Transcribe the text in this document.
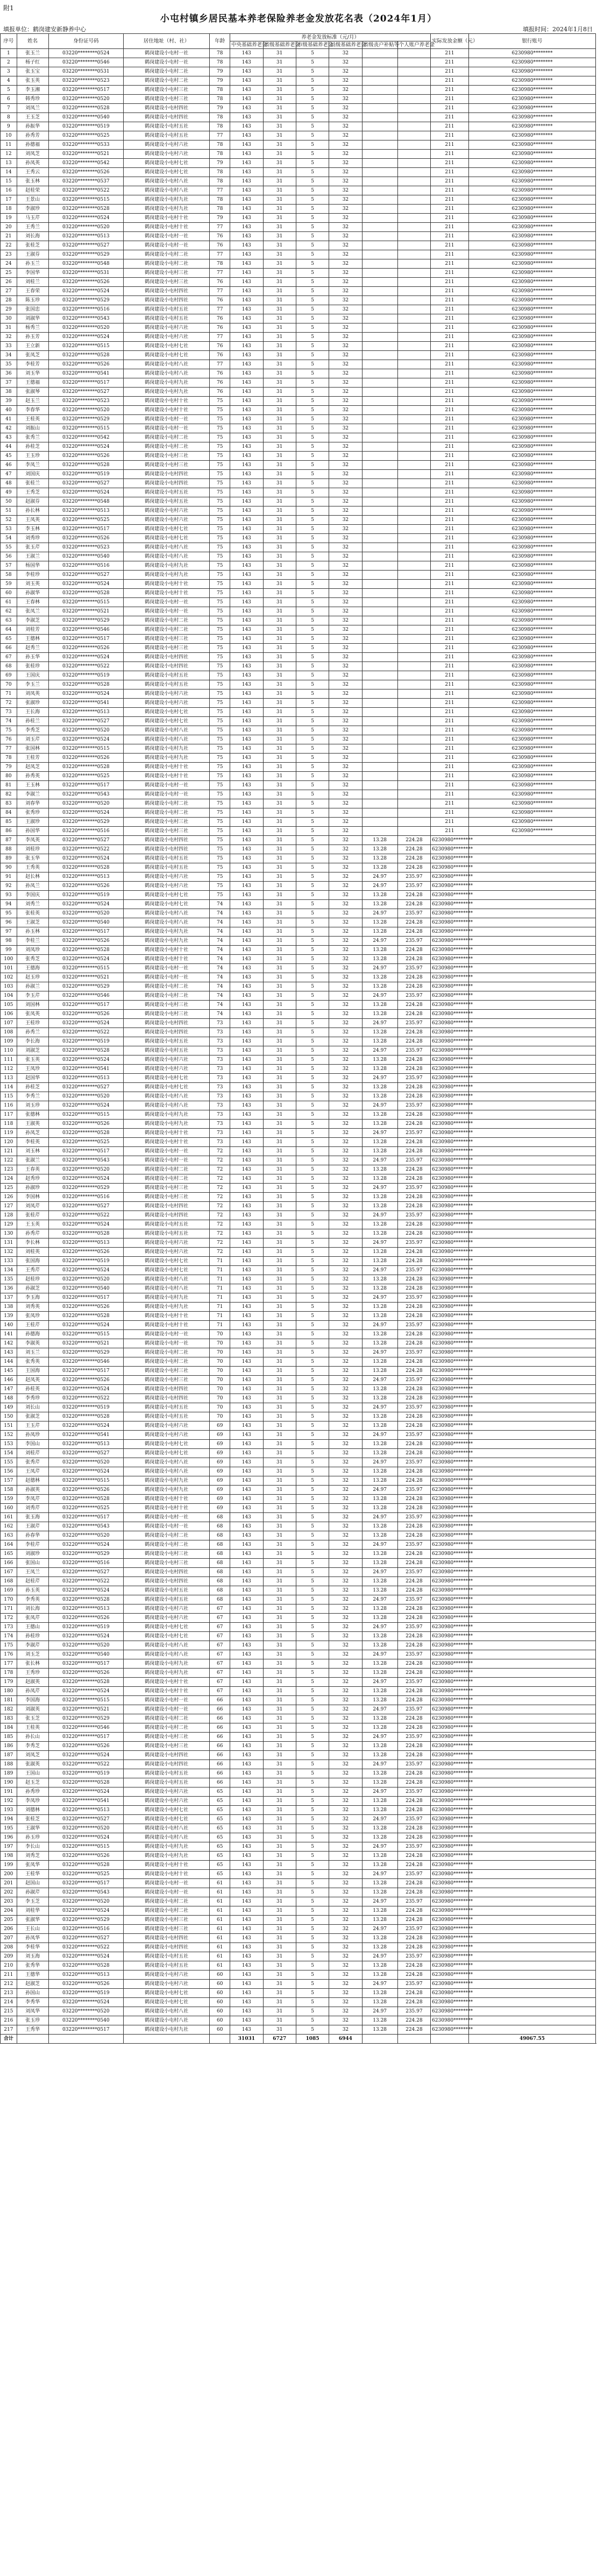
附1
小屯村镇乡居民基本养老保险养老金发放花名表（2024年1月）
填报单位：鹤岗建安新静养中心	填报时间：2024年1月8日
序号	姓名	身份证号码	居住地址（村、社）	年龄	养老金发放标准（元/月）						实际发放金额（元）	银行账号	
					中央基础养老金	省级基础养老金	市级基础养老金	县级基础养老金	省级丧户补贴等	个人账户养老金			
1	张玉兰	03220********0524	鹤岗建设小屯村一社	78	143	31	5	32			211	6230980********	
2	杨子红	03220********0546	鹤岗建设小屯村一社	78	143	31	5	32			211	6230980********	
3	张玉宝	03220********0531	鹤岗建设小屯村二社	79	143	31	5	32			211	6230980********	
4	张玉英	03220********0523	鹤岗建设小屯村二社	79	143	31	5	32			211	6230980********	
5	李玉湘	03220********0517	鹤岗建设小屯村三社	78	143	31	5	32			211	6230980********	
6	韩秀珍	03220********0520	鹤岗建设小屯村三社	78	143	31	5	32			211	6230980********	
7	刘凤兰	03220********0528	鹤岗建设小屯村四社	79	143	31	5	32			211	6230980********	
8	王玉芝	03220********0540	鹤岗建设小屯村四社	78	143	31	5	32			211	6230980********	
9	孙振华	03220********0519	鹤岗建设小屯村五社	78	143	31	5	32			211	6230980********	
10	孙秀芳	03220********0525	鹤岗建设小屯村五社	77	143	31	5	32			211	6230980********	
11	孙德福	03220********0533	鹤岗建设小屯村六社	78	143	31	5	32			211	6230980********	
12	刘凤芝	03220********0521	鹤岗建设小屯村六社	78	143	31	5	32			211	6230980********	
13	孙凤英	03220********0542	鹤岗建设小屯村七社	79	143	31	5	32			211	6230980********	
14	王秀云	03220********0526	鹤岗建设小屯村七社	78	143	31	5	32			211	6230980********	
15	张玉林	03220********0537	鹤岗建设小屯村八社	78	143	31	5	32			211	6230980********	
16	赵桂荣	03220********0522	鹤岗建设小屯村八社	77	143	31	5	32			211	6230980********	
17	王景山	03220********0515	鹤岗建设小屯村九社	78	143	31	5	32			211	6230980********	
18	李淑珍	03220********0528	鹤岗建设小屯村九社	78	143	31	5	32			211	6230980********	
19	马玉芹	03220********0524	鹤岗建设小屯村十社	79	143	31	5	32			211	6230980********	
20	王秀兰	03220********0520	鹤岗建设小屯村十社	77	143	31	5	32			211	6230980********	
21	刘长海	03220********0513	鹤岗建设小屯村一社	76	143	31	5	32			211	6230980********	
22	张桂芝	03220********0527	鹤岗建设小屯村一社	76	143	31	5	32			211	6230980********	
23	王淑芬	03220********0529	鹤岗建设小屯村二社	77	143	31	5	32			211	6230980********	
24	孙玉兰	03220********0548	鹤岗建设小屯村二社	78	143	31	5	32			211	6230980********	
25	李国华	03220********0531	鹤岗建设小屯村三社	77	143	31	5	32			211	6230980********	
26	刘桂兰	03220********0526	鹤岗建设小屯村三社	76	143	31	5	32			211	6230980********	
27	王春荣	03220********0524	鹤岗建设小屯村四社	77	143	31	5	32			211	6230980********	
28	陈玉珍	03220********0529	鹤岗建设小屯村四社	76	143	31	5	32			211	6230980********	
29	张国忠	03220********0516	鹤岗建设小屯村五社	77	143	31	5	32			211	6230980********	
30	刘淑华	03220********0543	鹤岗建设小屯村五社	76	143	31	5	32			211	6230980********	
31	杨秀兰	03220********0520	鹤岗建设小屯村六社	76	143	31	5	32			211	6230980********	
32	孙玉芳	03220********0524	鹤岗建设小屯村六社	77	143	31	5	32			211	6230980********	
33	王立新	03220********0515	鹤岗建设小屯村七社	76	143	31	5	32			211	6230980********	
34	张凤芝	03220********0528	鹤岗建设小屯村七社	76	143	31	5	32			211	6230980********	
35	李桂芳	03220********0526	鹤岗建设小屯村八社	77	143	31	5	32			211	6230980********	
36	刘玉华	03220********0541	鹤岗建设小屯村八社	76	143	31	5	32			211	6230980********	
37	王德福	03220********0517	鹤岗建设小屯村九社	76	143	31	5	32			211	6230980********	
38	张淑琴	03220********0527	鹤岗建设小屯村九社	76	143	31	5	32			211	6230980********	
39	赵玉兰	03220********0523	鹤岗建设小屯村十社	75	143	31	5	32			211	6230980********	
40	李春华	03220********0520	鹤岗建设小屯村十社	75	143	31	5	32			211	6230980********	
41	王桂英	03220********0529	鹤岗建设小屯村一社	75	143	31	5	32			211	6230980********	
42	刘振山	03220********0515	鹤岗建设小屯村一社	75	143	31	5	32			211	6230980********	
43	张秀兰	03220********0542	鹤岗建设小屯村二社	75	143	31	5	32			211	6230980********	
44	孙桂芝	03220********0524	鹤岗建设小屯村二社	75	143	31	5	32			211	6230980********	
45	王玉珍	03220********0526	鹤岗建设小屯村三社	75	143	31	5	32			211	6230980********	
46	李凤兰	03220********0528	鹤岗建设小屯村三社	75	143	31	5	32			211	6230980********	
47	刘国庆	03220********0519	鹤岗建设小屯村四社	75	143	31	5	32			211	6230980********	
48	张桂兰	03220********0527	鹤岗建设小屯村四社	75	143	31	5	32			211	6230980********	
49	王秀芝	03220********0524	鹤岗建设小屯村五社	75	143	31	5	32			211	6230980********	
50	赵淑芬	03220********0548	鹤岗建设小屯村五社	75	143	31	5	32			211	6230980********	
51	孙长林	03220********0513	鹤岗建设小屯村六社	75	143	31	5	32			211	6230980********	
52	王凤英	03220********0525	鹤岗建设小屯村六社	75	143	31	5	32			211	6230980********	
53	李玉林	03220********0517	鹤岗建设小屯村七社	75	143	31	5	32			211	6230980********	
54	刘秀珍	03220********0526	鹤岗建设小屯村七社	75	143	31	5	32			211	6230980********	
55	张玉芹	03220********0523	鹤岗建设小屯村八社	75	143	31	5	32			211	6230980********	
56	王淑兰	03220********0540	鹤岗建设小屯村八社	75	143	31	5	32			211	6230980********	
57	杨国华	03220********0516	鹤岗建设小屯村九社	75	143	31	5	32			211	6230980********	
58	李桂珍	03220********0527	鹤岗建设小屯村九社	75	143	31	5	32			211	6230980********	
59	刘玉英	03220********0524	鹤岗建设小屯村十社	75	143	31	5	32			211	6230980********	
60	孙淑华	03220********0528	鹤岗建设小屯村十社	75	143	31	5	32			211	6230980********	
61	王春林	03220********0515	鹤岗建设小屯村一社	75	143	31	5	32			211	6230980********	
62	张凤兰	03220********0521	鹤岗建设小屯村一社	75	143	31	5	32			211	6230980********	
63	李淑芝	03220********0529	鹤岗建设小屯村二社	75	143	31	5	32			211	6230980********	
64	刘桂芳	03220********0546	鹤岗建设小屯村二社	75	143	31	5	32			211	6230980********	
65	王德林	03220********0517	鹤岗建设小屯村三社	75	143	31	5	32			211	6230980********	
66	赵秀兰	03220********0526	鹤岗建设小屯村三社	75	143	31	5	32			211	6230980********	
67	孙玉华	03220********0524	鹤岗建设小屯村四社	75	143	31	5	32			211	6230980********	
68	张桂珍	03220********0522	鹤岗建设小屯村四社	75	143	31	5	32			211	6230980********	
69	王国庆	03220********0519	鹤岗建设小屯村五社	75	143	31	5	32			211	6230980********	
70	李玉兰	03220********0528	鹤岗建设小屯村五社	75	143	31	5	32			211	6230980********	
71	刘凤英	03220********0524	鹤岗建设小屯村六社	75	143	31	5	32			211	6230980********	
72	张淑珍	03220********0541	鹤岗建设小屯村六社	75	143	31	5	32			211	6230980********	
73	王长海	03220********0513	鹤岗建设小屯村七社	75	143	31	5	32			211	6230980********	
74	孙桂兰	03220********0527	鹤岗建设小屯村七社	75	143	31	5	32			211	6230980********	
75	李秀芝	03220********0520	鹤岗建设小屯村八社	75	143	31	5	32			211	6230980********	
76	刘玉芹	03220********0524	鹤岗建设小屯村八社	75	143	31	5	32			211	6230980********	
77	张国林	03220********0515	鹤岗建设小屯村九社	75	143	31	5	32			211	6230980********	
78	王桂芳	03220********0526	鹤岗建设小屯村九社	75	143	31	5	32			211	6230980********	
79	赵凤芝	03220********0528	鹤岗建设小屯村十社	75	143	31	5	32			211	6230980********	
80	孙秀英	03220********0525	鹤岗建设小屯村十社	75	143	31	5	32			211	6230980********	
81	王玉林	03220********0517	鹤岗建设小屯村一社	75	143	31	5	32			211	6230980********	
82	李淑兰	03220********0543	鹤岗建设小屯村一社	75	143	31	5	32			211	6230980********	
83	刘春华	03220********0520	鹤岗建设小屯村二社	75	143	31	5	32			211	6230980********	
84	张秀珍	03220********0524	鹤岗建设小屯村二社	75	143	31	5	32			211	6230980********	
85	王淑珍	03220********0529	鹤岗建设小屯村三社	75	143	31	5	32			211	6230980********	
86	孙国华	03220********0516	鹤岗建设小屯村三社	75	143	31	5	32			211	6230980********	
87	李凤英	03220********0527	鹤岗建设小屯村四社	75	143	31	5	32	13.28	224.28	6230980********		
88	刘桂珍	03220********0522	鹤岗建设小屯村四社	75	143	31	5	32	13.28	224.28	6230980********		
89	张玉华	03220********0524	鹤岗建设小屯村五社	75	143	31	5	32	13.28	224.28	6230980********		
90	王秀英	03220********0528	鹤岗建设小屯村五社	75	143	31	5	32	13.28	224.28	6230980********		
91	赵长林	03220********0513	鹤岗建设小屯村六社	75	143	31	5	32	24.97	235.97	6230980********		
92	孙凤兰	03220********0526	鹤岗建设小屯村六社	75	143	31	5	32	24.97	235.97	6230980********		
93	李国庆	03220********0519	鹤岗建设小屯村七社	75	143	31	5	32	13.28	224.28	6230980********		
94	刘秀兰	03220********0524	鹤岗建设小屯村七社	74	143	31	5	32	13.28	224.28	6230980********		
95	张桂英	03220********0520	鹤岗建设小屯村八社	74	143	31	5	32	24.97	235.97	6230980********		
96	王淑芝	03220********0540	鹤岗建设小屯村八社	74	143	31	5	32	13.28	224.28	6230980********		
97	孙玉林	03220********0517	鹤岗建设小屯村九社	74	143	31	5	32	13.28	224.28	6230980********		
98	李桂兰	03220********0526	鹤岗建设小屯村九社	74	143	31	5	32	24.97	235.97	6230980********		
99	刘凤珍	03220********0528	鹤岗建设小屯村十社	74	143	31	5	32	13.28	224.28	6230980********		
100	张秀芝	03220********0524	鹤岗建设小屯村十社	74	143	31	5	32	13.28	224.28	6230980********		
101	王德海	03220********0515	鹤岗建设小屯村一社	74	143	31	5	32	24.97	235.97	6230980********		
102	赵玉珍	03220********0521	鹤岗建设小屯村一社	74	143	31	5	32	13.28	224.28	6230980********		
103	孙淑兰	03220********0529	鹤岗建设小屯村二社	74	143	31	5	32	13.28	224.28	6230980********		
104	李玉芹	03220********0546	鹤岗建设小屯村二社	74	143	31	5	32	24.97	235.97	6230980********		
105	刘国林	03220********0517	鹤岗建设小屯村三社	74	143	31	5	32	13.28	224.28	6230980********		
106	张凤英	03220********0526	鹤岗建设小屯村三社	74	143	31	5	32	13.28	224.28	6230980********		
107	王桂珍	03220********0524	鹤岗建设小屯村四社	73	143	31	5	32	24.97	235.97	6230980********		
108	孙秀兰	03220********0522	鹤岗建设小屯村四社	73	143	31	5	32	13.28	224.28	6230980********		
109	李长海	03220********0519	鹤岗建设小屯村五社	73	143	31	5	32	13.28	224.28	6230980********		
110	刘淑芝	03220********0528	鹤岗建设小屯村五社	73	143	31	5	32	24.97	235.97	6230980********		
111	张玉英	03220********0524	鹤岗建设小屯村六社	73	143	31	5	32	13.28	224.28	6230980********		
112	王凤珍	03220********0541	鹤岗建设小屯村六社	73	143	31	5	32	13.28	224.28	6230980********		
113	赵国华	03220********0513	鹤岗建设小屯村七社	73	143	31	5	32	24.97	235.97	6230980********		
114	孙桂芝	03220********0527	鹤岗建设小屯村七社	73	143	31	5	32	13.28	224.28	6230980********		
115	李秀兰	03220********0520	鹤岗建设小屯村八社	73	143	31	5	32	13.28	224.28	6230980********		
116	刘玉珍	03220********0524	鹤岗建设小屯村八社	73	143	31	5	32	24.97	235.97	6230980********		
117	张德林	03220********0515	鹤岗建设小屯村九社	73	143	31	5	32	13.28	224.28	6230980********		
118	王淑英	03220********0526	鹤岗建设小屯村九社	73	143	31	5	32	13.28	224.28	6230980********		
119	孙凤芝	03220********0528	鹤岗建设小屯村十社	73	143	31	5	32	24.97	235.97	6230980********		
120	李桂英	03220********0525	鹤岗建设小屯村十社	73	143	31	5	32	13.28	224.28	6230980********		
121	刘玉林	03220********0517	鹤岗建设小屯村一社	72	143	31	5	32	13.28	224.28	6230980********		
122	张淑兰	03220********0543	鹤岗建设小屯村一社	72	143	31	5	32	24.97	235.97	6230980********		
123	王春英	03220********0520	鹤岗建设小屯村二社	72	143	31	5	32	13.28	224.28	6230980********		
124	赵秀珍	03220********0524	鹤岗建设小屯村二社	72	143	31	5	32	13.28	224.28	6230980********		
125	孙淑珍	03220********0529	鹤岗建设小屯村三社	72	143	31	5	32	24.97	235.97	6230980********		
126	李国林	03220********0516	鹤岗建设小屯村三社	72	143	31	5	32	13.28	224.28	6230980********		
127	刘凤芹	03220********0527	鹤岗建设小屯村四社	72	143	31	5	32	13.28	224.28	6230980********		
128	张桂芹	03220********0522	鹤岗建设小屯村四社	72	143	31	5	32	24.97	235.97	6230980********		
129	王玉英	03220********0524	鹤岗建设小屯村五社	72	143	31	5	32	13.28	224.28	6230980********		
130	孙秀芹	03220********0528	鹤岗建设小屯村五社	72	143	31	5	32	13.28	224.28	6230980********		
131	李长林	03220********0513	鹤岗建设小屯村六社	72	143	31	5	32	24.97	235.97	6230980********		
132	刘桂英	03220********0526	鹤岗建设小屯村六社	72	143	31	5	32	13.28	224.28	6230980********		
133	张国海	03220********0519	鹤岗建设小屯村七社	71	143	31	5	32	13.28	224.28	6230980********		
134	王秀芹	03220********0524	鹤岗建设小屯村七社	71	143	31	5	32	24.97	235.97	6230980********		
135	赵桂珍	03220********0520	鹤岗建设小屯村八社	71	143	31	5	32	13.28	224.28	6230980********		
136	孙淑芝	03220********0540	鹤岗建设小屯村八社	71	143	31	5	32	13.28	224.28	6230980********		
137	李玉海	03220********0517	鹤岗建设小屯村九社	71	143	31	5	32	24.97	235.97	6230980********		
138	刘秀英	03220********0526	鹤岗建设小屯村九社	71	143	31	5	32	13.28	224.28	6230980********		
139	张凤珍	03220********0528	鹤岗建设小屯村十社	71	143	31	5	32	13.28	224.28	6230980********		
140	王桂芹	03220********0524	鹤岗建设小屯村十社	71	143	31	5	32	24.97	235.97	6230980********		
141	孙德海	03220********0515	鹤岗建设小屯村一社	70	143	31	5	32	13.28	224.28	6230980********		
142	李淑英	03220********0521	鹤岗建设小屯村一社	70	143	31	5	32	13.28	224.28	6230980********		
143	刘玉兰	03220********0529	鹤岗建设小屯村二社	70	143	31	5	32	24.97	235.97	6230980********		
144	张秀英	03220********0546	鹤岗建设小屯村二社	70	143	31	5	32	13.28	224.28	6230980********		
145	王国海	03220********0517	鹤岗建设小屯村三社	70	143	31	5	32	13.28	224.28	6230980********		
146	赵凤英	03220********0526	鹤岗建设小屯村三社	70	143	31	5	32	24.97	235.97	6230980********		
147	孙桂英	03220********0524	鹤岗建设小屯村四社	70	143	31	5	32	13.28	224.28	6230980********		
148	李秀珍	03220********0522	鹤岗建设小屯村四社	70	143	31	5	32	13.28	224.28	6230980********		
149	刘长山	03220********0519	鹤岗建设小屯村五社	70	143	31	5	32	24.97	235.97	6230980********		
150	张淑芝	03220********0528	鹤岗建设小屯村五社	70	143	31	5	32	13.28	224.28	6230980********		
151	王玉芹	03220********0524	鹤岗建设小屯村六社	69	143	31	5	32	13.28	224.28	6230980********		
152	孙凤珍	03220********0541	鹤岗建设小屯村六社	69	143	31	5	32	24.97	235.97	6230980********		
153	李国山	03220********0513	鹤岗建设小屯村七社	69	143	31	5	32	13.28	224.28	6230980********		
154	刘桂芹	03220********0527	鹤岗建设小屯村七社	69	143	31	5	32	13.28	224.28	6230980********		
155	张秀芹	03220********0520	鹤岗建设小屯村八社	69	143	31	5	32	24.97	235.97	6230980********		
156	王凤芹	03220********0524	鹤岗建设小屯村八社	69	143	31	5	32	13.28	224.28	6230980********		
157	赵德林	03220********0515	鹤岗建设小屯村九社	69	143	31	5	32	13.28	224.28	6230980********		
158	孙淑英	03220********0526	鹤岗建设小屯村九社	69	143	31	5	32	24.97	235.97	6230980********		
159	李凤芹	03220********0528	鹤岗建设小屯村十社	69	143	31	5	32	13.28	224.28	6230980********		
160	刘秀芹	03220********0525	鹤岗建设小屯村十社	69	143	31	5	32	13.28	224.28	6230980********		
161	张玉海	03220********0517	鹤岗建设小屯村一社	68	143	31	5	32	24.97	235.97	6230980********		
162	王淑芹	03220********0543	鹤岗建设小屯村一社	68	143	31	5	32	13.28	224.28	6230980********		
163	孙春华	03220********0520	鹤岗建设小屯村二社	68	143	31	5	32	13.28	224.28	6230980********		
164	李桂芹	03220********0524	鹤岗建设小屯村二社	68	143	31	5	32	24.97	235.97	6230980********		
165	刘淑珍	03220********0529	鹤岗建设小屯村三社	68	143	31	5	32	13.28	224.28	6230980********		
166	张国山	03220********0516	鹤岗建设小屯村三社	68	143	31	5	32	13.28	224.28	6230980********		
167	王凤兰	03220********0527	鹤岗建设小屯村四社	68	143	31	5	32	24.97	235.97	6230980********		
168	赵桂芹	03220********0522	鹤岗建设小屯村四社	68	143	31	5	32	13.28	224.28	6230980********		
169	孙玉英	03220********0524	鹤岗建设小屯村五社	68	143	31	5	32	13.28	224.28	6230980********		
170	李秀英	03220********0528	鹤岗建设小屯村五社	68	143	31	5	32	24.97	235.97	6230980********		
171	刘长海	03220********0513	鹤岗建设小屯村六社	67	143	31	5	32	13.28	224.28	6230980********		
172	张凤芹	03220********0526	鹤岗建设小屯村六社	67	143	31	5	32	13.28	224.28	6230980********		
173	王德山	03220********0519	鹤岗建设小屯村七社	67	143	31	5	32	24.97	235.97	6230980********		
174	孙桂珍	03220********0524	鹤岗建设小屯村七社	67	143	31	5	32	13.28	224.28	6230980********		
175	李淑芹	03220********0520	鹤岗建设小屯村八社	67	143	31	5	32	13.28	224.28	6230980********		
176	刘玉芝	03220********0540	鹤岗建设小屯村八社	67	143	31	5	32	24.97	235.97	6230980********		
177	张长林	03220********0517	鹤岗建设小屯村九社	67	143	31	5	32	13.28	224.28	6230980********		
178	王秀珍	03220********0526	鹤岗建设小屯村九社	67	143	31	5	32	13.28	224.28	6230980********		
179	赵淑英	03220********0528	鹤岗建设小屯村十社	67	143	31	5	32	24.97	235.97	6230980********		
180	孙凤芹	03220********0524	鹤岗建设小屯村十社	67	143	31	5	32	13.28	224.28	6230980********		
181	李国海	03220********0515	鹤岗建设小屯村一社	66	143	31	5	32	13.28	224.28	6230980********		
182	刘淑英	03220********0521	鹤岗建设小屯村一社	66	143	31	5	32	24.97	235.97	6230980********		
183	张玉芝	03220********0529	鹤岗建设小屯村二社	66	143	31	5	32	13.28	224.28	6230980********		
184	王桂英	03220********0546	鹤岗建设小屯村二社	66	143	31	5	32	13.28	224.28	6230980********		
185	孙长山	03220********0517	鹤岗建设小屯村三社	66	143	31	5	32	24.97	235.97	6230980********		
186	李秀芝	03220********0526	鹤岗建设小屯村三社	66	143	31	5	32	13.28	224.28	6230980********		
187	刘凤芝	03220********0524	鹤岗建设小屯村四社	66	143	31	5	32	13.28	224.28	6230980********		
188	张淑英	03220********0522	鹤岗建设小屯村四社	66	143	31	5	32	24.97	235.97	6230980********		
189	王国山	03220********0519	鹤岗建设小屯村五社	66	143	31	5	32	13.28	224.28	6230980********		
190	赵玉芝	03220********0528	鹤岗建设小屯村五社	66	143	31	5	32	13.28	224.28	6230980********		
191	孙秀珍	03220********0524	鹤岗建设小屯村六社	65	143	31	5	32	24.97	235.97	6230980********		
192	李凤珍	03220********0541	鹤岗建设小屯村六社	65	143	31	5	32	13.28	224.28	6230980********		
193	刘德林	03220********0513	鹤岗建设小屯村七社	65	143	31	5	32	13.28	224.28	6230980********		
194	张桂芝	03220********0527	鹤岗建设小屯村七社	65	143	31	5	32	24.97	235.97	6230980********		
195	王淑华	03220********0520	鹤岗建设小屯村八社	65	143	31	5	32	13.28	224.28	6230980********		
196	孙玉珍	03220********0524	鹤岗建设小屯村八社	65	143	31	5	32	13.28	224.28	6230980********		
197	李长山	03220********0515	鹤岗建设小屯村九社	65	143	31	5	32	24.97	235.97	6230980********		
198	刘秀芝	03220********0526	鹤岗建设小屯村九社	65	143	31	5	32	13.28	224.28	6230980********		
199	张凤华	03220********0528	鹤岗建设小屯村十社	65	143	31	5	32	13.28	224.28	6230980********		
200	王桂华	03220********0525	鹤岗建设小屯村十社	65	143	31	5	32	24.97	235.97	6230980********		
201	赵国山	03220********0517	鹤岗建设小屯村一社	61	143	31	5	32	13.28	224.28	6230980********		
202	孙淑芹	03220********0543	鹤岗建设小屯村一社	61	143	31	5	32	13.28	224.28	6230980********		
203	李玉芝	03220********0520	鹤岗建设小屯村二社	61	143	31	5	32	24.97	235.97	6230980********		
204	刘桂华	03220********0524	鹤岗建设小屯村二社	61	143	31	5	32	13.28	224.28	6230980********		
205	张淑华	03220********0529	鹤岗建设小屯村三社	61	143	31	5	32	13.28	224.28	6230980********		
206	王长山	03220********0516	鹤岗建设小屯村三社	61	143	31	5	32	24.97	235.97	6230980********		
207	孙凤华	03220********0527	鹤岗建设小屯村四社	61	143	31	5	32	13.28	224.28	6230980********		
208	李桂华	03220********0522	鹤岗建设小屯村四社	61	143	31	5	32	13.28	224.28	6230980********		
209	刘玉海	03220********0524	鹤岗建设小屯村五社	61	143	31	5	32	24.97	235.97	6230980********		
210	张秀华	03220********0528	鹤岗建设小屯村五社	61	143	31	5	32	13.28	224.28	6230980********		
211	王德华	03220********0513	鹤岗建设小屯村六社	60	143	31	5	32	13.28	224.28	6230980********		
212	赵淑芝	03220********0526	鹤岗建设小屯村六社	60	143	31	5	32	24.97	235.97	6230980********		
213	孙国山	03220********0519	鹤岗建设小屯村七社	60	143	31	5	32	13.28	224.28	6230980********		
214	李秀华	03220********0524	鹤岗建设小屯村七社	60	143	31	5	32	13.28	224.28	6230980********		
215	刘凤华	03220********0520	鹤岗建设小屯村八社	60	143	31	5	32	24.97	235.97	6230980********		
216	张玉珍	03220********0540	鹤岗建设小屯村八社	60	143	31	5	32	13.28	224.28	6230980********		
217	王秀华	03220********0517	鹤岗建设小屯村九社	60	143	31	5	32	13.28	224.28	6230980********		
合计					31031	6727	1085	6944				49067.55	
